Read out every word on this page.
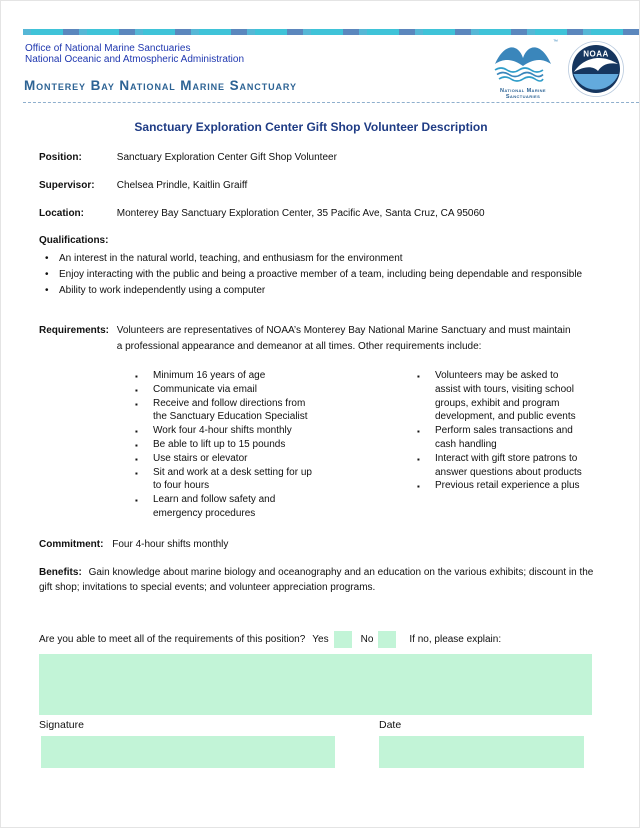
Office of National Marine Sanctuaries
National Oceanic and Atmospheric Administration
Monterey Bay National Marine Sanctuary
™
National Marine
Sanctuaries
NOAA
Sanctuary Exploration Center Gift Shop Volunteer Description
Position:	Sanctuary Exploration Center Gift Shop Volunteer
Supervisor: Chelsea Prindle, Kaitlin Graiff
Location:	Monterey Bay Sanctuary Exploration Center, 35 Pacific Ave, Santa Cruz, CA 95060
Qualifications:
• An interest in the natural world, teaching, and enthusiasm for the environment
• Enjoy interacting with the public and being a proactive member of a team, including being dependable and responsible
• Ability to work independently using a computer
Requirements: Volunteers are representatives of NOAA’s Monterey Bay National Marine Sanctuary and must maintain a professional appearance and demeanor at all times. Other requirements include:
▪ Minimum 16 years of age
▪ Communicate via email
▪ Receive and follow directions from the Sanctuary Education Specialist
▪ Work four 4-hour shifts monthly
▪ Be able to lift up to 15 pounds
▪ Use stairs or elevator
▪ Sit and work at a desk setting for up to four hours
▪ Learn and follow safety and emergency procedures
▪ Volunteers may be asked to assist with tours, visiting school groups, exhibit and program development, and public events
▪ Perform sales transactions and cash handling
▪ Interact with gift store patrons to answer questions about products
▪ Previous retail experience a plus
Commitment: Four 4-hour shifts monthly
Benefits: Gain knowledge about marine biology and oceanography and an education on the various exhibits; discount in the gift shop; invitations to special events; and volunteer appreciation programs.
Are you able to meet all of the requirements of this position? Yes	No	If no, please explain:
Signature	Date
